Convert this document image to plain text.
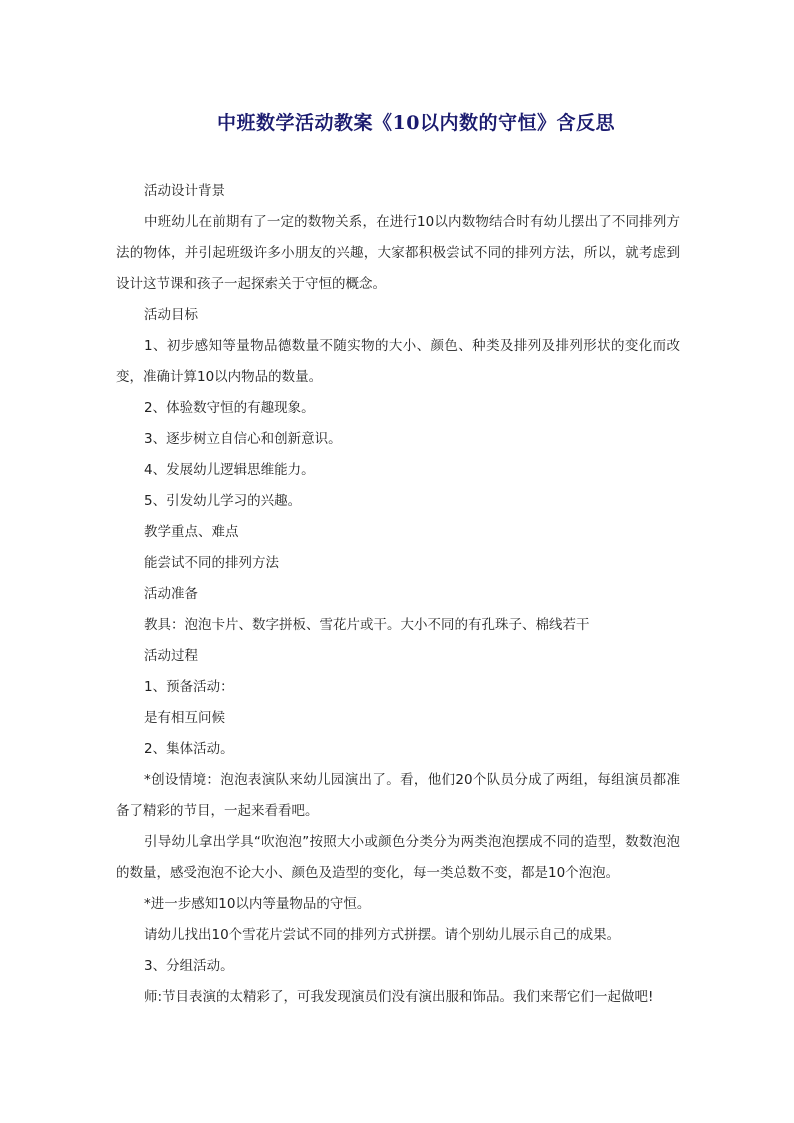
中班数学活动教案《10以内数的守恒》含反思

活动设计背景

中班幼儿在前期有了一定的数物关系，在进行10以内数物结合时有幼儿摆出了不同排列方法的物体，并引起班级许多小朋友的兴趣，大家都积极尝试不同的排列方法，所以，就考虑到设计这节课和孩子一起探索关于守恒的概念。

活动目标

1、初步感知等量物品德数量不随实物的大小、颜色、种类及排列及排列形状的变化而改变，准确计算10以内物品的数量。

2、体验数守恒的有趣现象。

3、逐步树立自信心和创新意识。

4、发展幼儿逻辑思维能力。

5、引发幼儿学习的兴趣。

教学重点、难点

能尝试不同的排列方法

活动准备

教具：泡泡卡片、数字拼板、雪花片或干。大小不同的有孔珠子、棉线若干

活动过程

1、预备活动：

是有相互问候

2、集体活动。

*创设情境：泡泡表演队来幼儿园演出了。看，他们20个队员分成了两组，每组演员都准备了精彩的节目，一起来看看吧。

引导幼儿拿出学具“吹泡泡”按照大小或颜色分类分为两类泡泡摆成不同的造型，数数泡泡的数量，感受泡泡不论大小、颜色及造型的变化，每一类总数不变，都是10个泡泡。

*进一步感知10以内等量物品的守恒。

请幼儿找出10个雪花片尝试不同的排列方式拼摆。请个别幼儿展示自己的成果。

3、分组活动。

师:节目表演的太精彩了，可我发现演员们没有演出服和饰品。我们来帮它们一起做吧!
